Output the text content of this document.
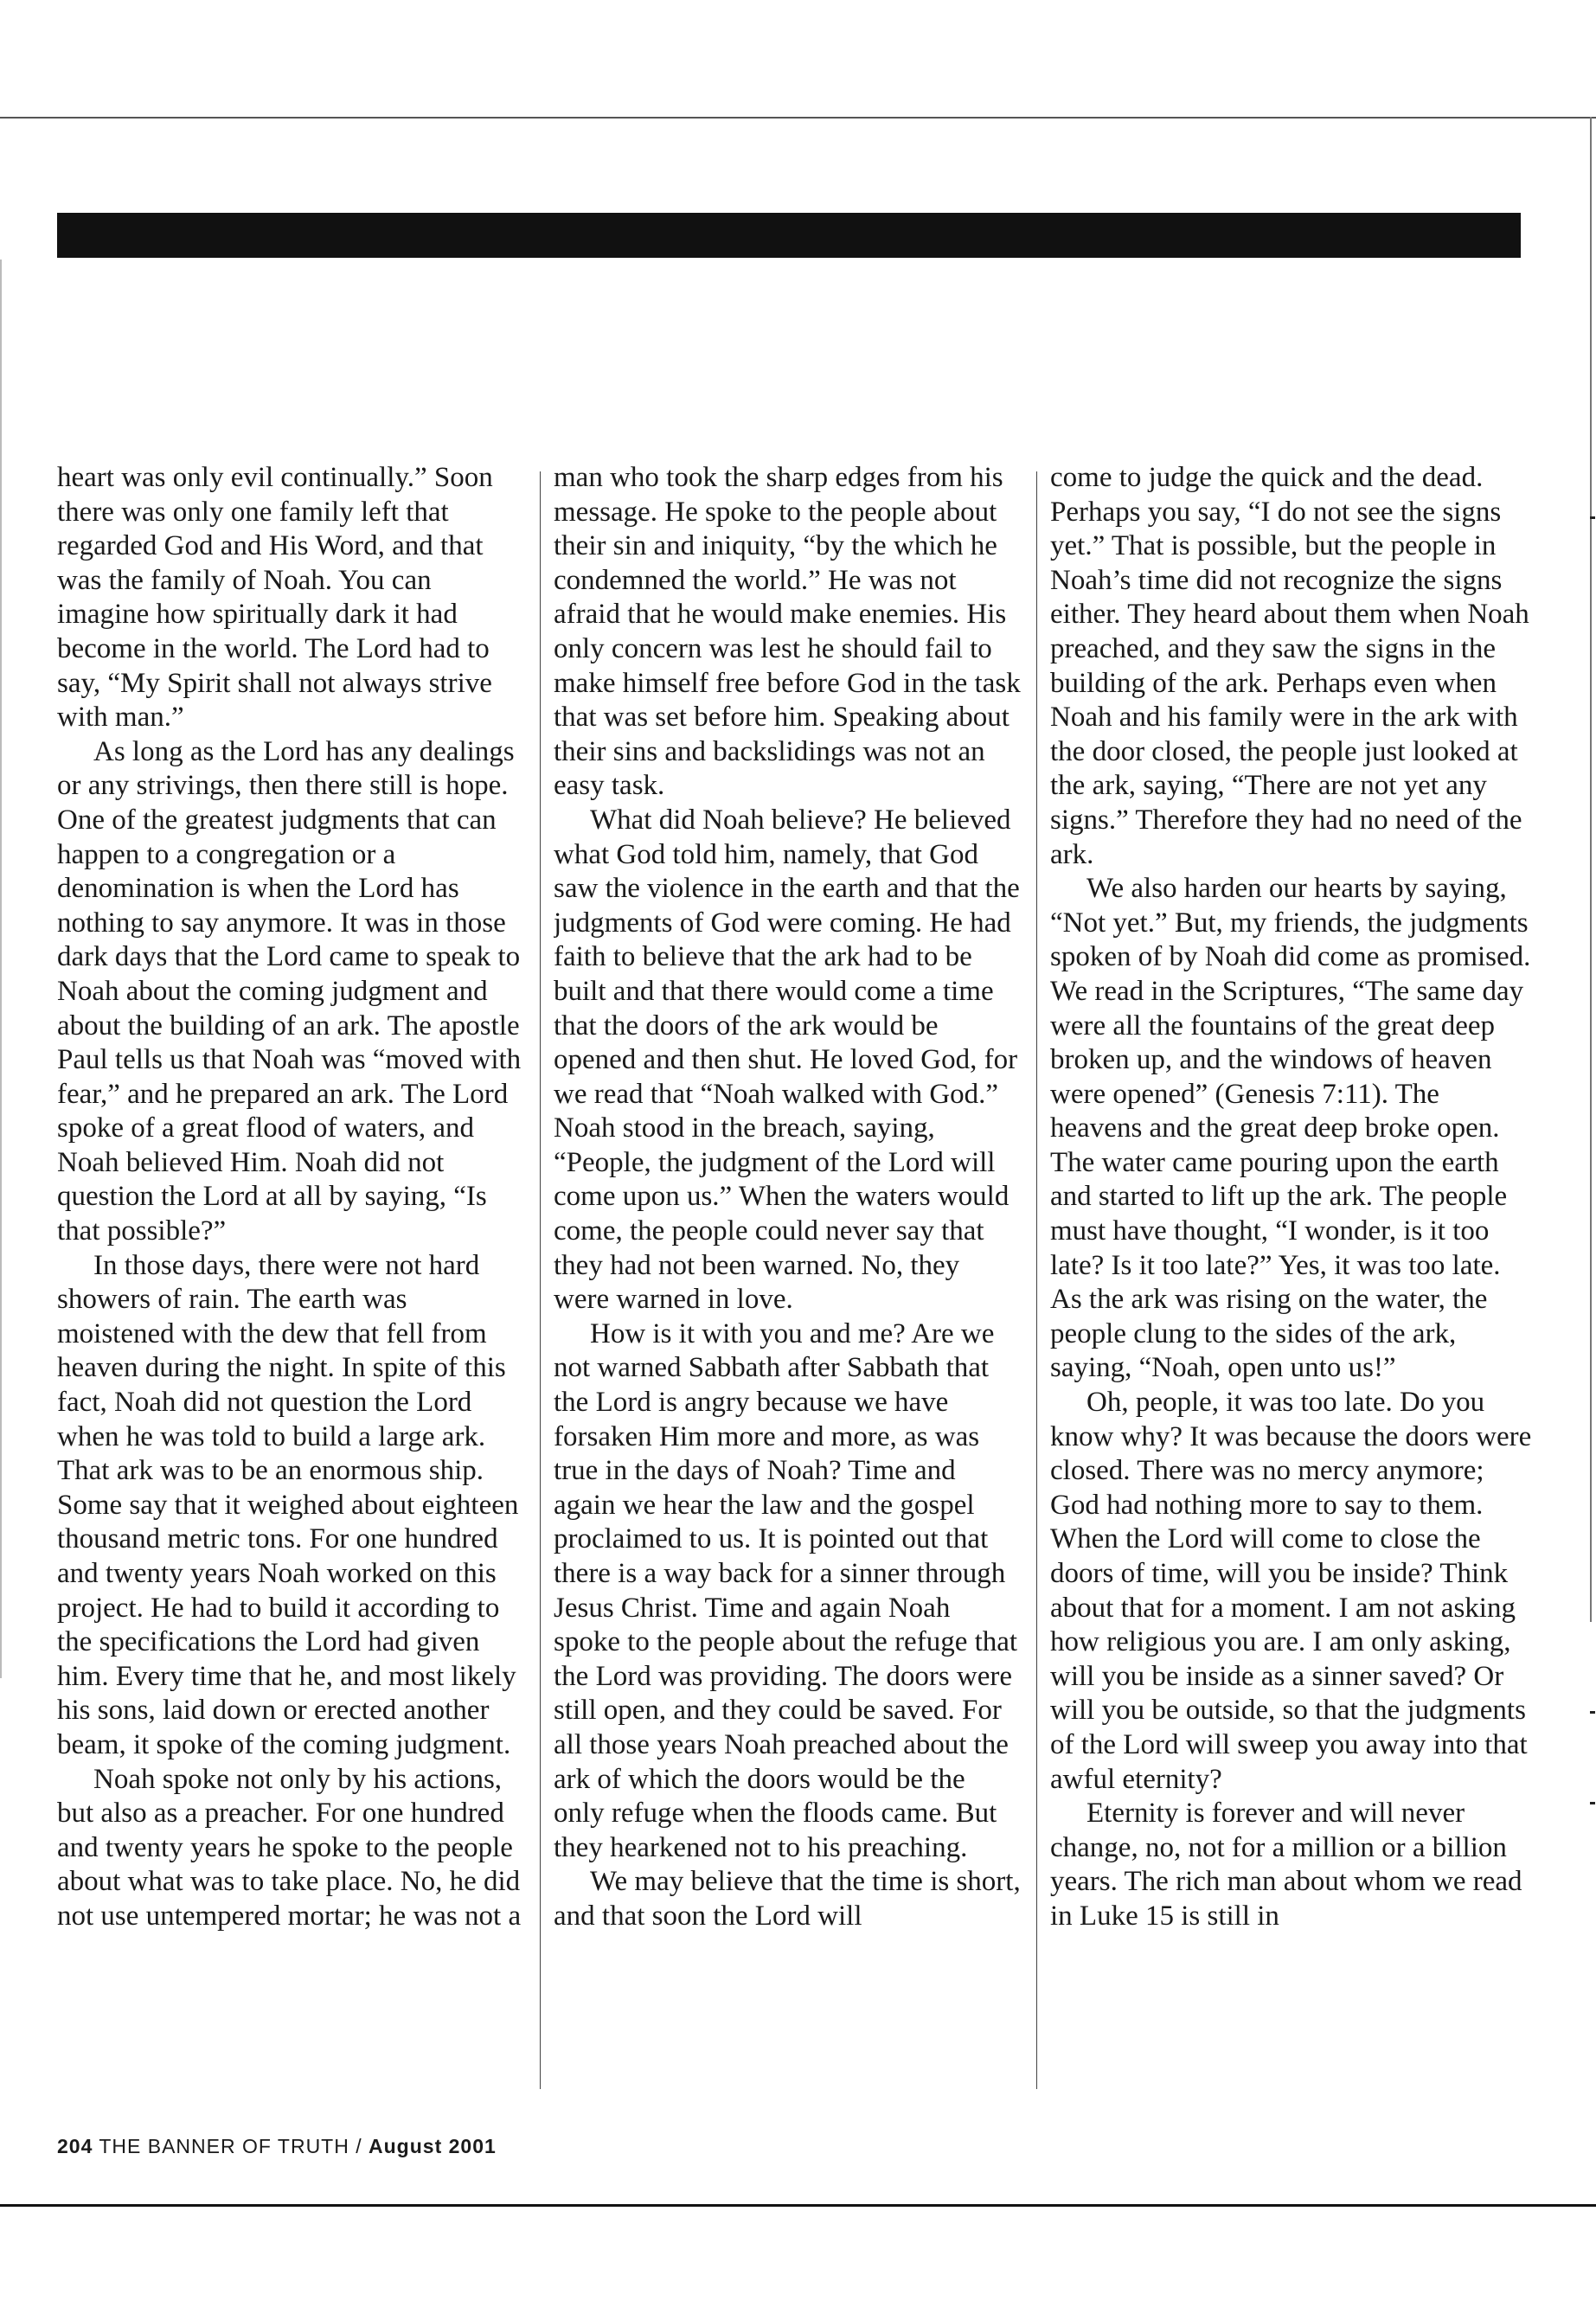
heart was only evil continually.” Soon there was only one family left that regarded God and His Word, and that was the family of Noah. You can imagine how spiritually dark it had become in the world. The Lord had to say, “My Spirit shall not always strive with man.”

As long as the Lord has any dealings or any strivings, then there still is hope. One of the greatest judgments that can happen to a congregation or a denomination is when the Lord has nothing to say anymore. It was in those dark days that the Lord came to speak to Noah about the coming judgment and about the building of an ark. The apostle Paul tells us that Noah was “moved with fear,” and he prepared an ark. The Lord spoke of a great flood of waters, and Noah believed Him. Noah did not question the Lord at all by saying, “Is that possible?”

In those days, there were not hard showers of rain. The earth was moistened with the dew that fell from heaven during the night. In spite of this fact, Noah did not question the Lord when he was told to build a large ark. That ark was to be an enormous ship. Some say that it weighed about eighteen thousand metric tons. For one hundred and twenty years Noah worked on this project. He had to build it according to the specifications the Lord had given him. Every time that he, and most likely his sons, laid down or erected another beam, it spoke of the coming judgment.

Noah spoke not only by his actions, but also as a preacher. For one hundred and twenty years he spoke to the people about what was to take place. No, he did not use untempered mortar; he was not a

man who took the sharp edges from his message. He spoke to the people about their sin and iniquity, “by the which he condemned the world.” He was not afraid that he would make enemies. His only concern was lest he should fail to make himself free before God in the task that was set before him. Speaking about their sins and backslidings was not an easy task.

What did Noah believe? He believed what God told him, namely, that God saw the violence in the earth and that the judgments of God were coming. He had faith to believe that the ark had to be built and that there would come a time that the doors of the ark would be opened and then shut. He loved God, for we read that “Noah walked with God.” Noah stood in the breach, saying, “People, the judgment of the Lord will come upon us.” When the waters would come, the people could never say that they had not been warned. No, they were warned in love.

How is it with you and me? Are we not warned Sabbath after Sabbath that the Lord is angry because we have forsaken Him more and more, as was true in the days of Noah? Time and again we hear the law and the gospel proclaimed to us. It is pointed out that there is a way back for a sinner through Jesus Christ. Time and again Noah spoke to the people about the refuge that the Lord was providing. The doors were still open, and they could be saved. For all those years Noah preached about the ark of which the doors would be the only refuge when the floods came. But they hearkened not to his preaching.

We may believe that the time is short, and that soon the Lord will

come to judge the quick and the dead. Perhaps you say, “I do not see the signs yet.” That is possible, but the people in Noah’s time did not recognize the signs either. They heard about them when Noah preached, and they saw the signs in the building of the ark. Perhaps even when Noah and his family were in the ark with the door closed, the people just looked at the ark, saying, “There are not yet any signs.” Therefore they had no need of the ark.

We also harden our hearts by saying, “Not yet.” But, my friends, the judgments spoken of by Noah did come as promised. We read in the Scriptures, “The same day were all the fountains of the great deep broken up, and the windows of heaven were opened” (Genesis 7:11). The heavens and the great deep broke open. The water came pouring upon the earth and started to lift up the ark. The people must have thought, “I wonder, is it too late? Is it too late?” Yes, it was too late. As the ark was rising on the water, the people clung to the sides of the ark, saying, “Noah, open unto us!”

Oh, people, it was too late. Do you know why? It was because the doors were closed. There was no mercy anymore; God had nothing more to say to them. When the Lord will come to close the doors of time, will you be inside? Think about that for a moment. I am not asking how religious you are. I am only asking, will you be inside as a sinner saved? Or will you be outside, so that the judgments of the Lord will sweep you away into that awful eternity?

Eternity is forever and will never change, no, not for a million or a billion years. The rich man about whom we read in Luke 15 is still in

204 THE BANNER OF TRUTH / August 2001
